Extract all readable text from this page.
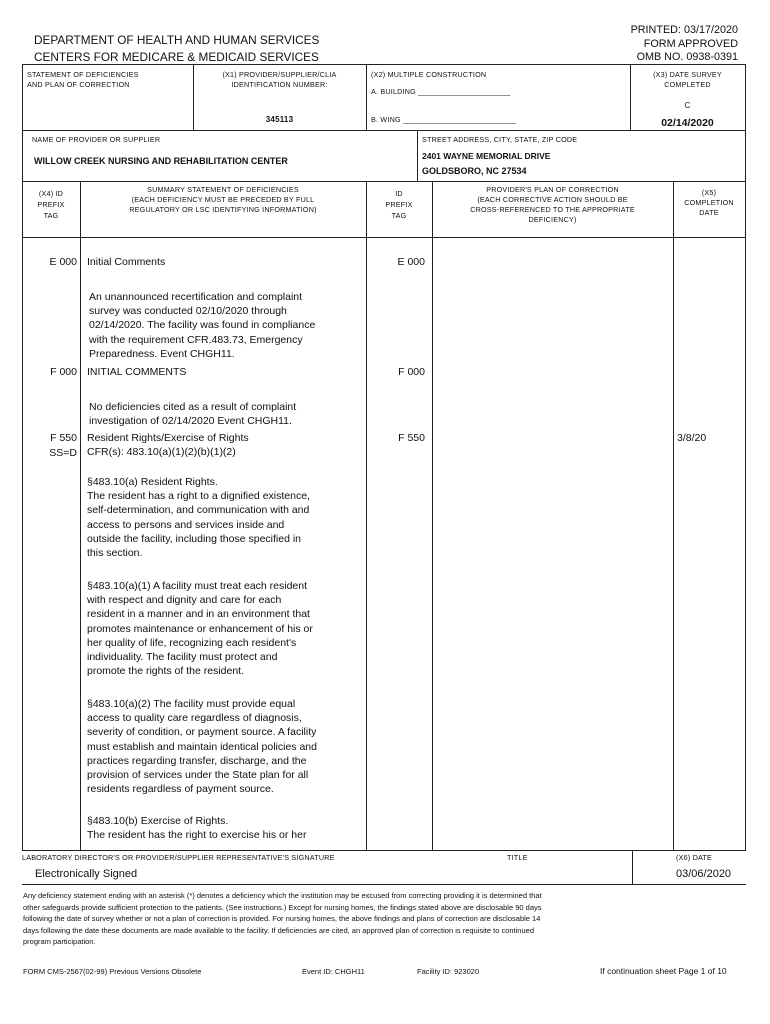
DEPARTMENT OF HEALTH AND HUMAN SERVICES
CENTERS FOR MEDICARE & MEDICAID SERVICES
PRINTED: 03/17/2020
FORM APPROVED
OMB NO. 0938-0391
STATEMENT OF DEFICIENCIES
AND PLAN OF CORRECTION
(X1) PROVIDER/SUPPLIER/CLIA
IDENTIFICATION NUMBER:
345113
(X2) MULTIPLE CONSTRUCTION
A. BUILDING ______________________
B. WING ___________________________
(X3) DATE SURVEY
COMPLETED
C
02/14/2020
NAME OF PROVIDER OR SUPPLIER
WILLOW CREEK NURSING AND REHABILITATION CENTER
STREET ADDRESS, CITY, STATE, ZIP CODE
2401 WAYNE MEMORIAL DRIVE
GOLDSBORO, NC 27534
(X4) ID
PREFIX
TAG
SUMMARY STATEMENT OF DEFICIENCIES
(EACH DEFICIENCY MUST BE PRECEDED BY FULL
REGULATORY OR LSC IDENTIFYING INFORMATION)
ID
PREFIX
TAG
PROVIDER'S PLAN OF CORRECTION
(EACH CORRECTIVE ACTION SHOULD BE
CROSS-REFERENCED TO THE APPROPRIATE
DEFICIENCY)
(X5)
COMPLETION
DATE
E 000 Initial Comments	E 000
An unannounced recertification and complaint
survey was conducted 02/10/2020 through
02/14/2020. The facility was found in compliance
with the requirement CFR.483.73, Emergency
Preparedness. Event CHGH11.
F 000 INITIAL COMMENTS	F 000
No deficiencies cited as a result of complaint
investigation of 02/14/2020 Event CHGH11.
F 550
SS=D
Resident Rights/Exercise of Rights
CFR(s): 483.10(a)(1)(2)(b)(1)(2)
F 550	3/8/20
§483.10(a) Resident Rights.
The resident has a right to a dignified existence,
self-determination, and communication with and
access to persons and services inside and
outside the facility, including those specified in
this section.
§483.10(a)(1) A facility must treat each resident
with respect and dignity and care for each
resident in a manner and in an environment that
promotes maintenance or enhancement of his or
her quality of life, recognizing each resident's
individuality. The facility must protect and
promote the rights of the resident.
§483.10(a)(2) The facility must provide equal
access to quality care regardless of diagnosis,
severity of condition, or payment source. A facility
must establish and maintain identical policies and
practices regarding transfer, discharge, and the
provision of services under the State plan for all
residents regardless of payment source.
§483.10(b) Exercise of Rights.
The resident has the right to exercise his or her
LABORATORY DIRECTOR'S OR PROVIDER/SUPPLIER REPRESENTATIVE'S SIGNATURE
Electronically Signed
TITLE	(X6) DATE
03/06/2020
Any deficiency statement ending with an asterisk (*) denotes a deficiency which the institution may be excused from correcting providing it is determined that
other safeguards provide sufficient protection to the patients. (See instructions.) Except for nursing homes, the findings stated above are disclosable 90 days
following the date of survey whether or not a plan of correction is provided. For nursing homes, the above findings and plans of correction are disclosable 14
days following the date these documents are made available to the facility. If deficiencies are cited, an approved plan of correction is requisite to continued
program participation.
FORM CMS-2567(02-99) Previous Versions Obsolete	Event ID: CHGH11	Facility ID: 923020	If continuation sheet Page 1 of 10
